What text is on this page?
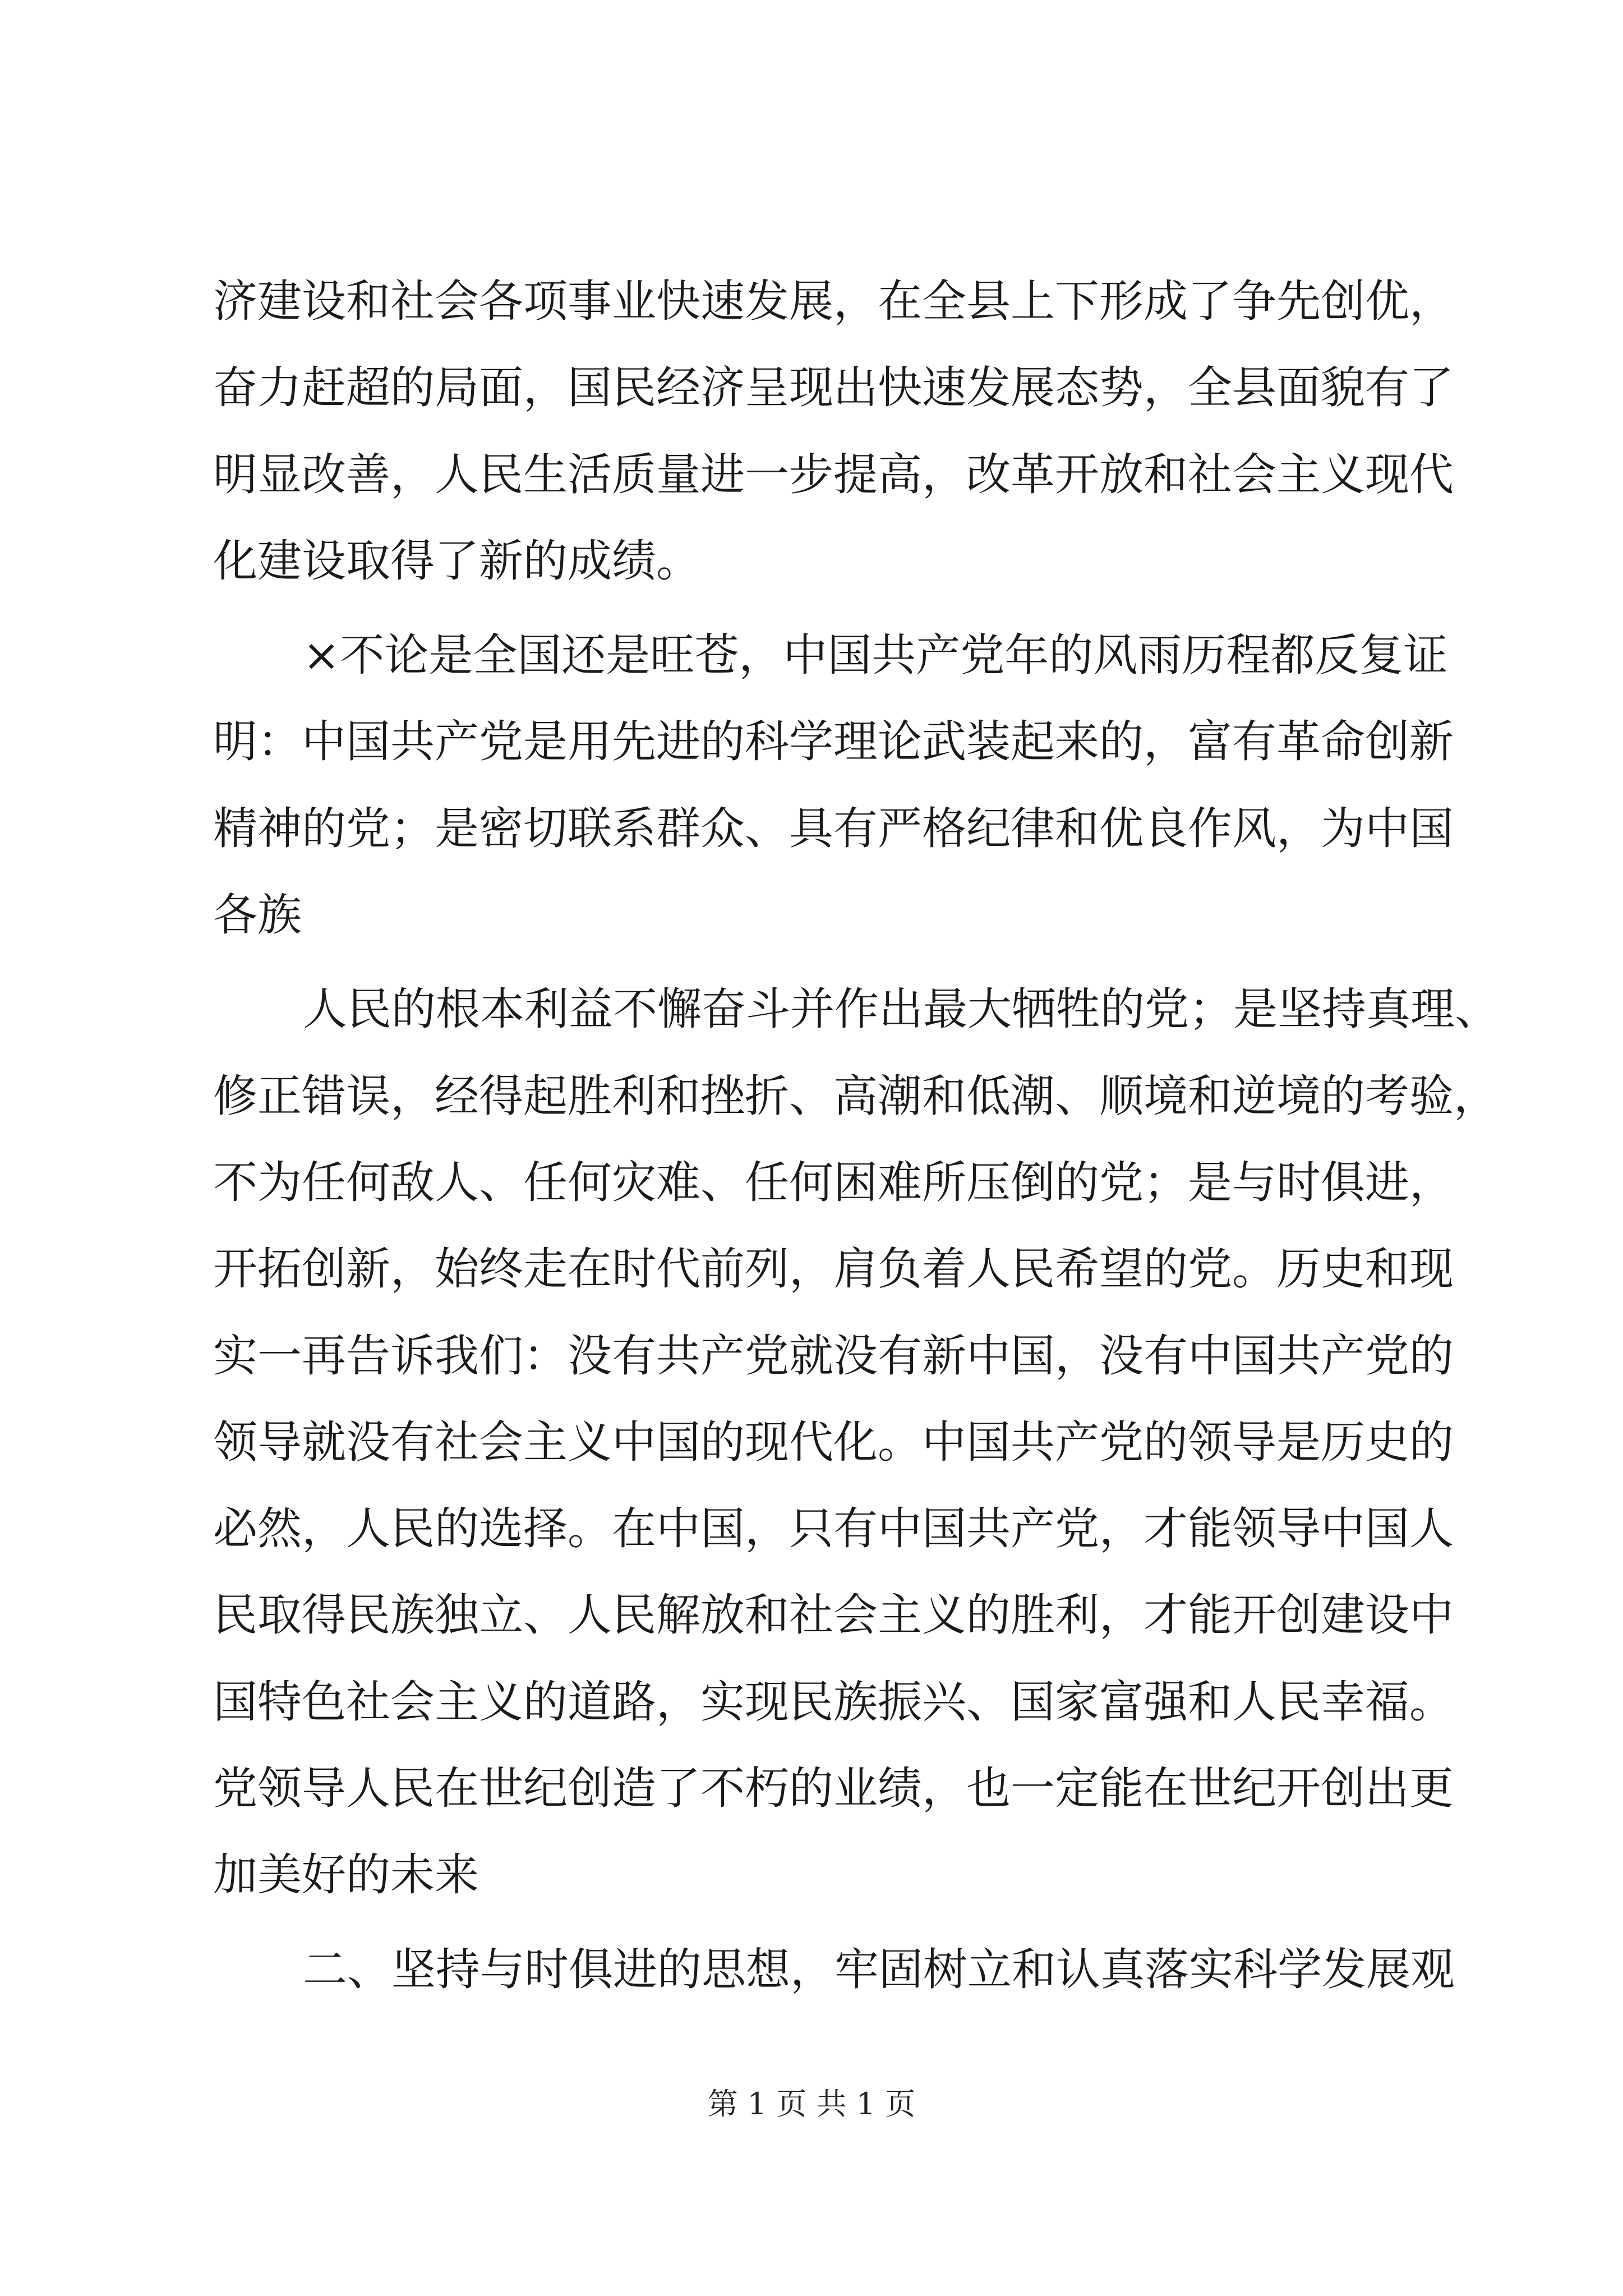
济建设和社会各项事业快速发展，在全县上下形成了争先创优，
奋力赶超的局面，国民经济呈现出快速发展态势，全县面貌有了
明显改善，人民生活质量进一步提高，改革开放和社会主义现代
化建设取得了新的成绩。
×不论是全国还是旺苍，中国共产党年的风雨历程都反复证
明：中国共产党是用先进的科学理论武装起来的，富有革命创新
精神的党；是密切联系群众、具有严格纪律和优良作风，为中国
各族
人民的根本利益不懈奋斗并作出最大牺牲的党；是坚持真理、
修正错误，经得起胜利和挫折、高潮和低潮、顺境和逆境的考验，
不为任何敌人、任何灾难、任何困难所压倒的党；是与时俱进，
开拓创新，始终走在时代前列，肩负着人民希望的党。历史和现
实一再告诉我们：没有共产党就没有新中国，没有中国共产党的
领导就没有社会主义中国的现代化。中国共产党的领导是历史的
必然，人民的选择。在中国，只有中国共产党，才能领导中国人
民取得民族独立、人民解放和社会主义的胜利，才能开创建设中
国特色社会主义的道路，实现民族振兴、国家富强和人民幸福。
党领导人民在世纪创造了不朽的业绩，也一定能在世纪开创出更
加美好的未来
二、坚持与时俱进的思想，牢固树立和认真落实科学发展观
第 1 页 共 1 页
